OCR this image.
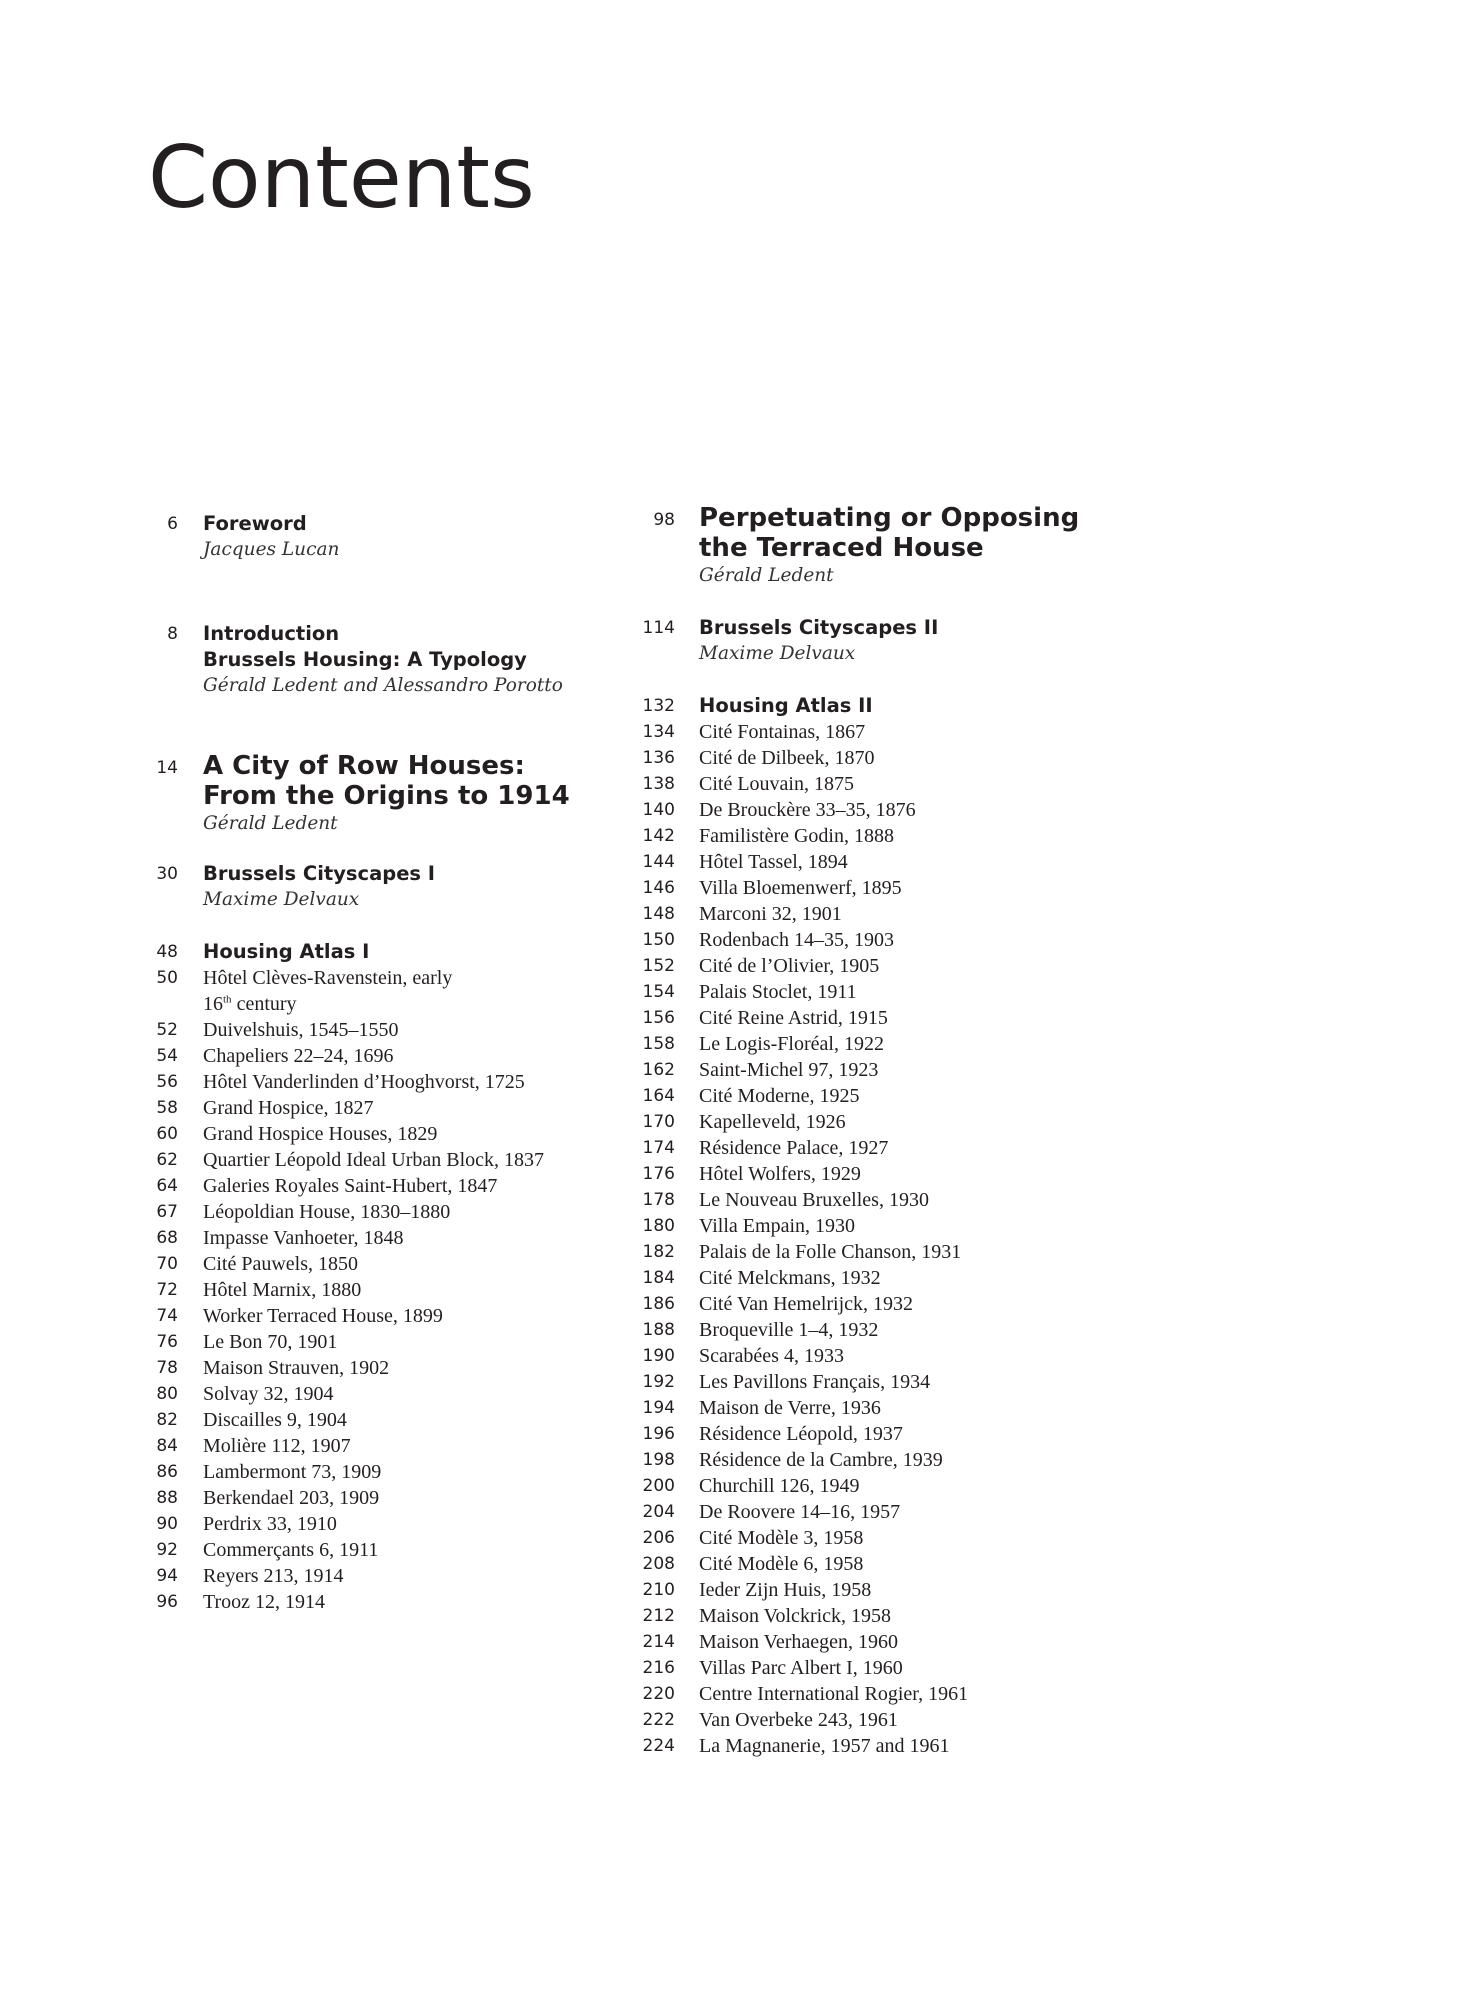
Contents
6 Foreword
Jacques Lucan
8 Introduction
Brussels Housing: A Typology
Gérald Ledent and Alessandro Porotto
14 A City of Row Houses:
From the Origins to 1914
Gérald Ledent
30 Brussels Cityscapes I
Maxime Delvaux
48 Housing Atlas I
50 Hôtel Clèves-Ravenstein, early
16th century
52 Duivelshuis, 1545–1550
54 Chapeliers 22–24, 1696
56 Hôtel Vanderlinden d’Hooghvorst, 1725
58 Grand Hospice, 1827
60 Grand Hospice Houses, 1829
62 Quartier Léopold Ideal Urban Block, 1837
64 Galeries Royales Saint-Hubert, 1847
67 Léopoldian House, 1830–1880
68 Impasse Vanhoeter, 1848
70 Cité Pauwels, 1850
72 Hôtel Marnix, 1880
74 Worker Terraced House, 1899
76 Le Bon 70, 1901
78 Maison Strauven, 1902
80 Solvay 32, 1904
82 Discailles 9, 1904
84 Molière 112, 1907
86 Lambermont 73, 1909
88 Berkendael 203, 1909
90 Perdrix 33, 1910
92 Commerçants 6, 1911
94 Reyers 213, 1914
96 Trooz 12, 1914
98 Perpetuating or Opposing
the Terraced House
Gérald Ledent
114 Brussels Cityscapes II
Maxime Delvaux
132 Housing Atlas II
134 Cité Fontainas, 1867
136 Cité de Dilbeek, 1870
138 Cité Louvain, 1875
140 De Brouckère 33–35, 1876
142 Familistère Godin, 1888
144 Hôtel Tassel, 1894
146 Villa Bloemenwerf, 1895
148 Marconi 32, 1901
150 Rodenbach 14–35, 1903
152 Cité de l’Olivier, 1905
154 Palais Stoclet, 1911
156 Cité Reine Astrid, 1915
158 Le Logis-Floréal, 1922
162 Saint-Michel 97, 1923
164 Cité Moderne, 1925
170 Kapelleveld, 1926
174 Résidence Palace, 1927
176 Hôtel Wolfers, 1929
178 Le Nouveau Bruxelles, 1930
180 Villa Empain, 1930
182 Palais de la Folle Chanson, 1931
184 Cité Melckmans, 1932
186 Cité Van Hemelrijck, 1932
188 Broqueville 1–4, 1932
190 Scarabées 4, 1933
192 Les Pavillons Français, 1934
194 Maison de Verre, 1936
196 Résidence Léopold, 1937
198 Résidence de la Cambre, 1939
200 Churchill 126, 1949
204 De Roovere 14–16, 1957
206 Cité Modèle 3, 1958
208 Cité Modèle 6, 1958
210 Ieder Zijn Huis, 1958
212 Maison Volckrick, 1958
214 Maison Verhaegen, 1960
216 Villas Parc Albert I, 1960
220 Centre International Rogier, 1961
222 Van Overbeke 243, 1961
224 La Magnanerie, 1957 and 1961
